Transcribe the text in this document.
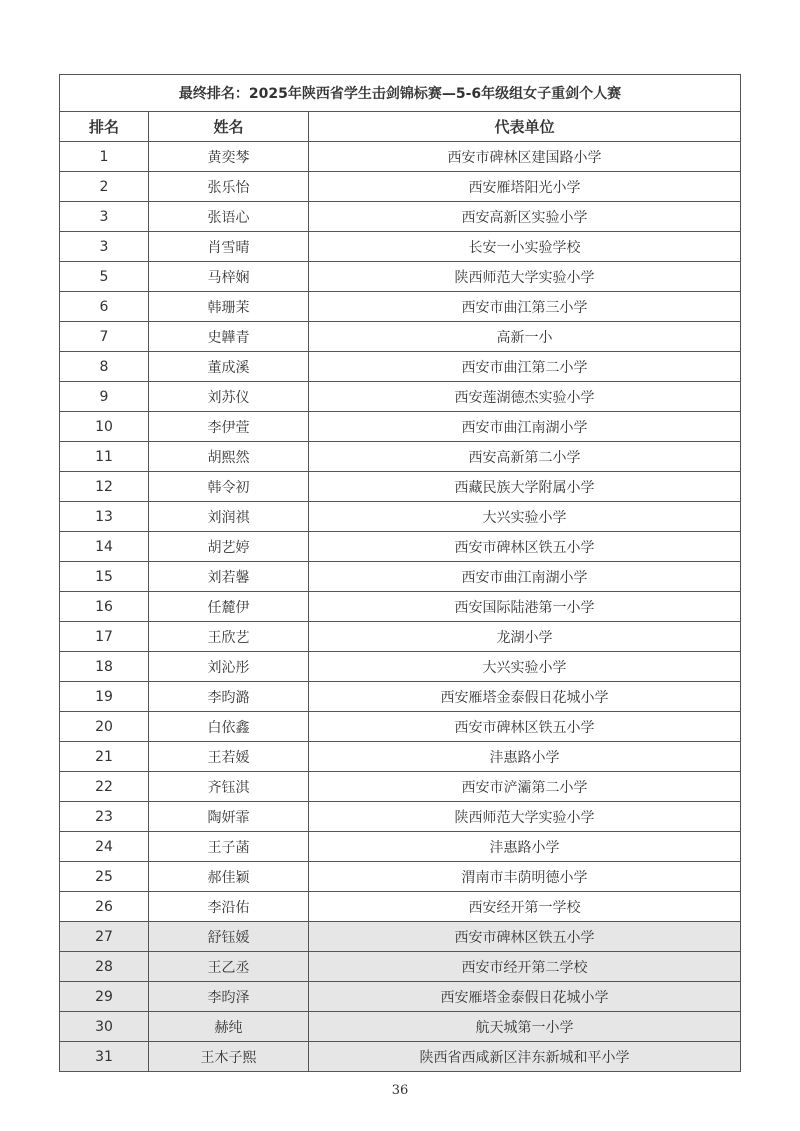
最终排名：2025年陕西省学生击剑锦标赛—5-6年级组女子重剑个人赛		
排名	姓名	代表单位
1	黄奕棽	西安市碑林区建国路小学
2	张乐怡	西安雁塔阳光小学
3	张语心	西安高新区实验小学
3	肖雪晴	长安一小实验学校
5	马梓娴	陕西师范大学实验小学
6	韩珊茉	西安市曲江第三小学
7	史韡青	高新一小
8	董成溪	西安市曲江第二小学
9	刘苏仪	西安莲湖德杰实验小学
10	李伊萱	西安市曲江南湖小学
11	胡熙然	西安高新第二小学
12	韩令初	西藏民族大学附属小学
13	刘润祺	大兴实验小学
14	胡艺婷	西安市碑林区铁五小学
15	刘若馨	西安市曲江南湖小学
16	任麓伊	西安国际陆港第一小学
17	王欣艺	龙湖小学
18	刘沁彤	大兴实验小学
19	李昀潞	西安雁塔金泰假日花城小学
20	白依鑫	西安市碑林区铁五小学
21	王若媛	沣惠路小学
22	齐钰淇	西安市浐灞第二小学
23	陶妍霏	陕西师范大学实验小学
24	王子菡	沣惠路小学
25	郝佳颖	渭南市丰荫明德小学
26	李沿佑	西安经开第一学校
27	舒钰媛	西安市碑林区铁五小学
28	王乙丞	西安市经开第二学校
29	李昀泽	西安雁塔金泰假日花城小学
30	赫纯	航天城第一小学
31	王木子熙	陕西省西咸新区沣东新城和平小学
36
